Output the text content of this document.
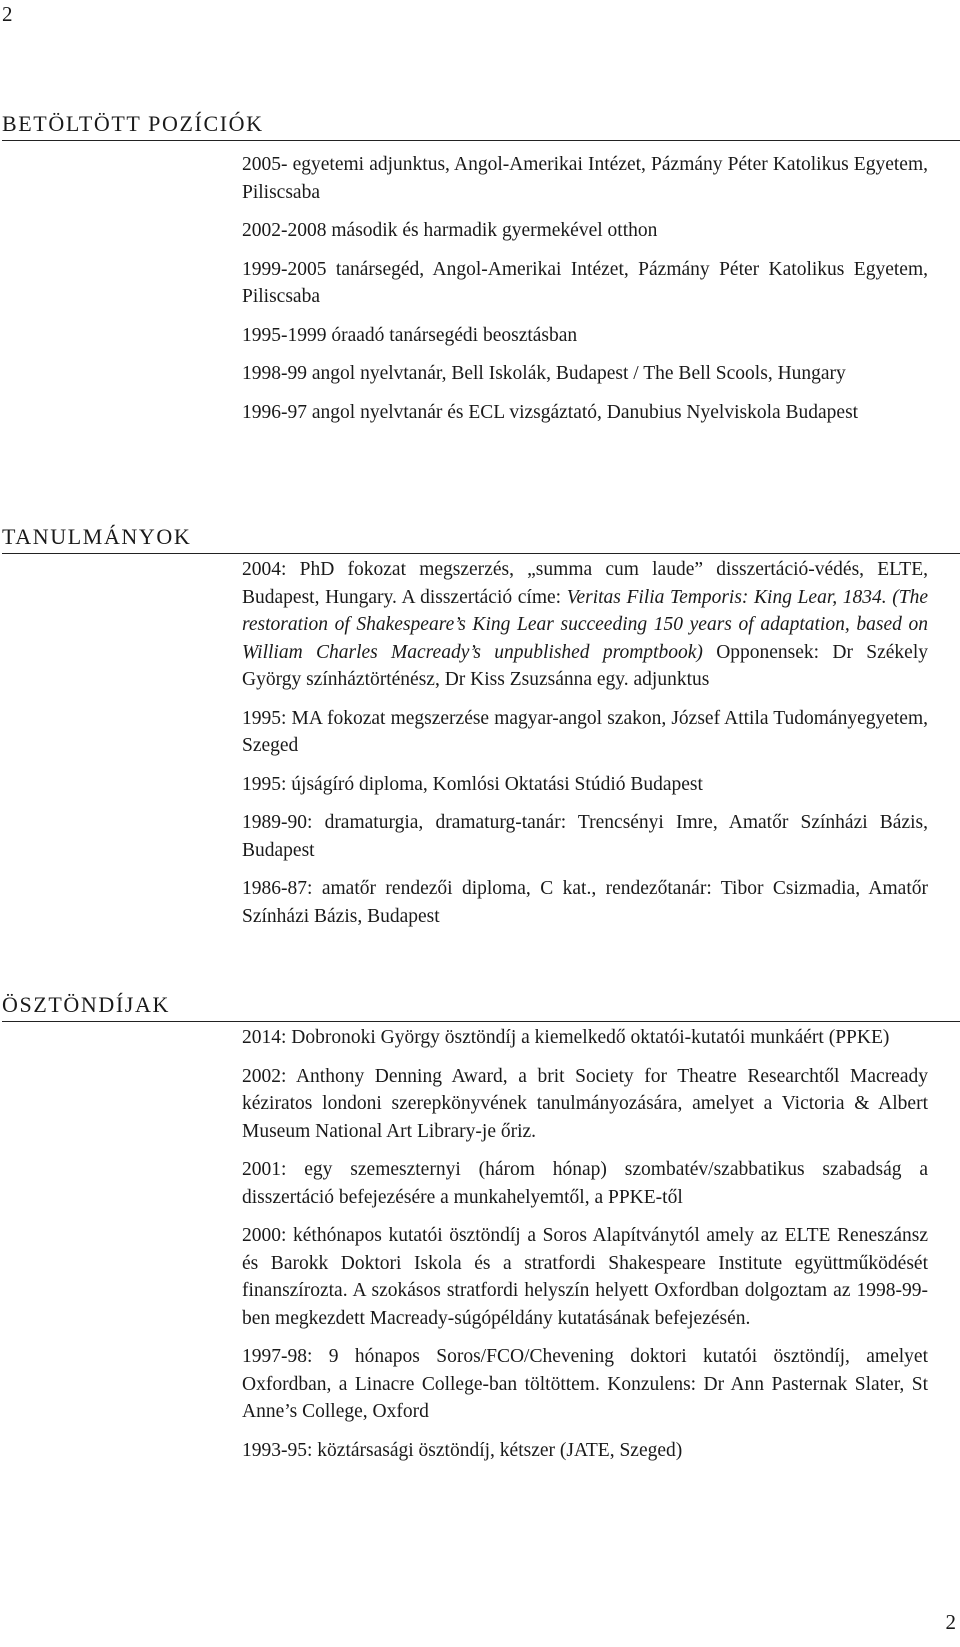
2
BETÖLTÖTT POZÍCIÓK

2005- egyetemi adjunktus, Angol-Amerikai Intézet, Pázmány Péter Katolikus Egyetem, Piliscsaba

2002-2008 második és harmadik gyermekével otthon

1999-2005 tanársegéd, Angol-Amerikai Intézet, Pázmány Péter Katolikus Egyetem, Piliscsaba

1995-1999 óraadó tanársegédi beosztásban

1998-99 angol nyelvtanár, Bell Iskolák, Budapest / The Bell Scools, Hungary

1996-97 angol nyelvtanár és ECL vizsgáztató, Danubius Nyelviskola Budapest

TANULMÁNYOK

2004: PhD fokozat megszerzés, „summa cum laude” disszertáció-védés, ELTE, Budapest, Hungary. A disszertáció címe: Veritas Filia Temporis: King Lear, 1834. (The restoration of Shakespeare’s King Lear succeeding 150 years of adaptation, based on William Charles Macready’s unpublished promptbook) Opponensek: Dr Székely György színháztörténész, Dr Kiss Zsuzsánna egy. adjunktus

1995: MA fokozat megszerzése magyar-angol szakon, József Attila Tudományegyetem, Szeged

1995: újságíró diploma, Komlósi Oktatási Stúdió Budapest

1989-90: dramaturgia, dramaturg-tanár: Trencsényi Imre, Amatőr Színházi Bázis, Budapest

1986-87: amatőr rendezői diploma, C kat., rendezőtanár: Tibor Csizmadia, Amatőr Színházi Bázis, Budapest

ÖSZTÖNDÍJAK

2014: Dobronoki György ösztöndíj a kiemelkedő oktatói-kutatói munkáért (PPKE)

2002: Anthony Denning Award, a brit Society for Theatre Researchtől Macready kéziratos londoni szerepkönyvének tanulmányozására, amelyet a Victoria & Albert Museum National Art Library-je őriz.

2001: egy szemeszternyi (három hónap) szombatév/szabbatikus szabadság a disszertáció befejezésére a munkahelyemtől, a PPKE-től

2000: kéthónapos kutatói ösztöndíj a Soros Alapítványtól amely az ELTE Reneszánsz és Barokk Doktori Iskola és a stratfordi Shakespeare Institute együttműködését finanszírozta. A szokásos stratfordi helyszín helyett Oxfordban dolgoztam az 1998-99-ben megkezdett Macready-súgópéldány kutatásának befejezésén.

1997-98: 9 hónapos Soros/FCO/Chevening doktori kutatói ösztöndíj, amelyet Oxfordban, a Linacre College-ban töltöttem. Konzulens: Dr Ann Pasternak Slater, St Anne’s College, Oxford

1993-95: köztársasági ösztöndíj, kétszer (JATE, Szeged)

2
